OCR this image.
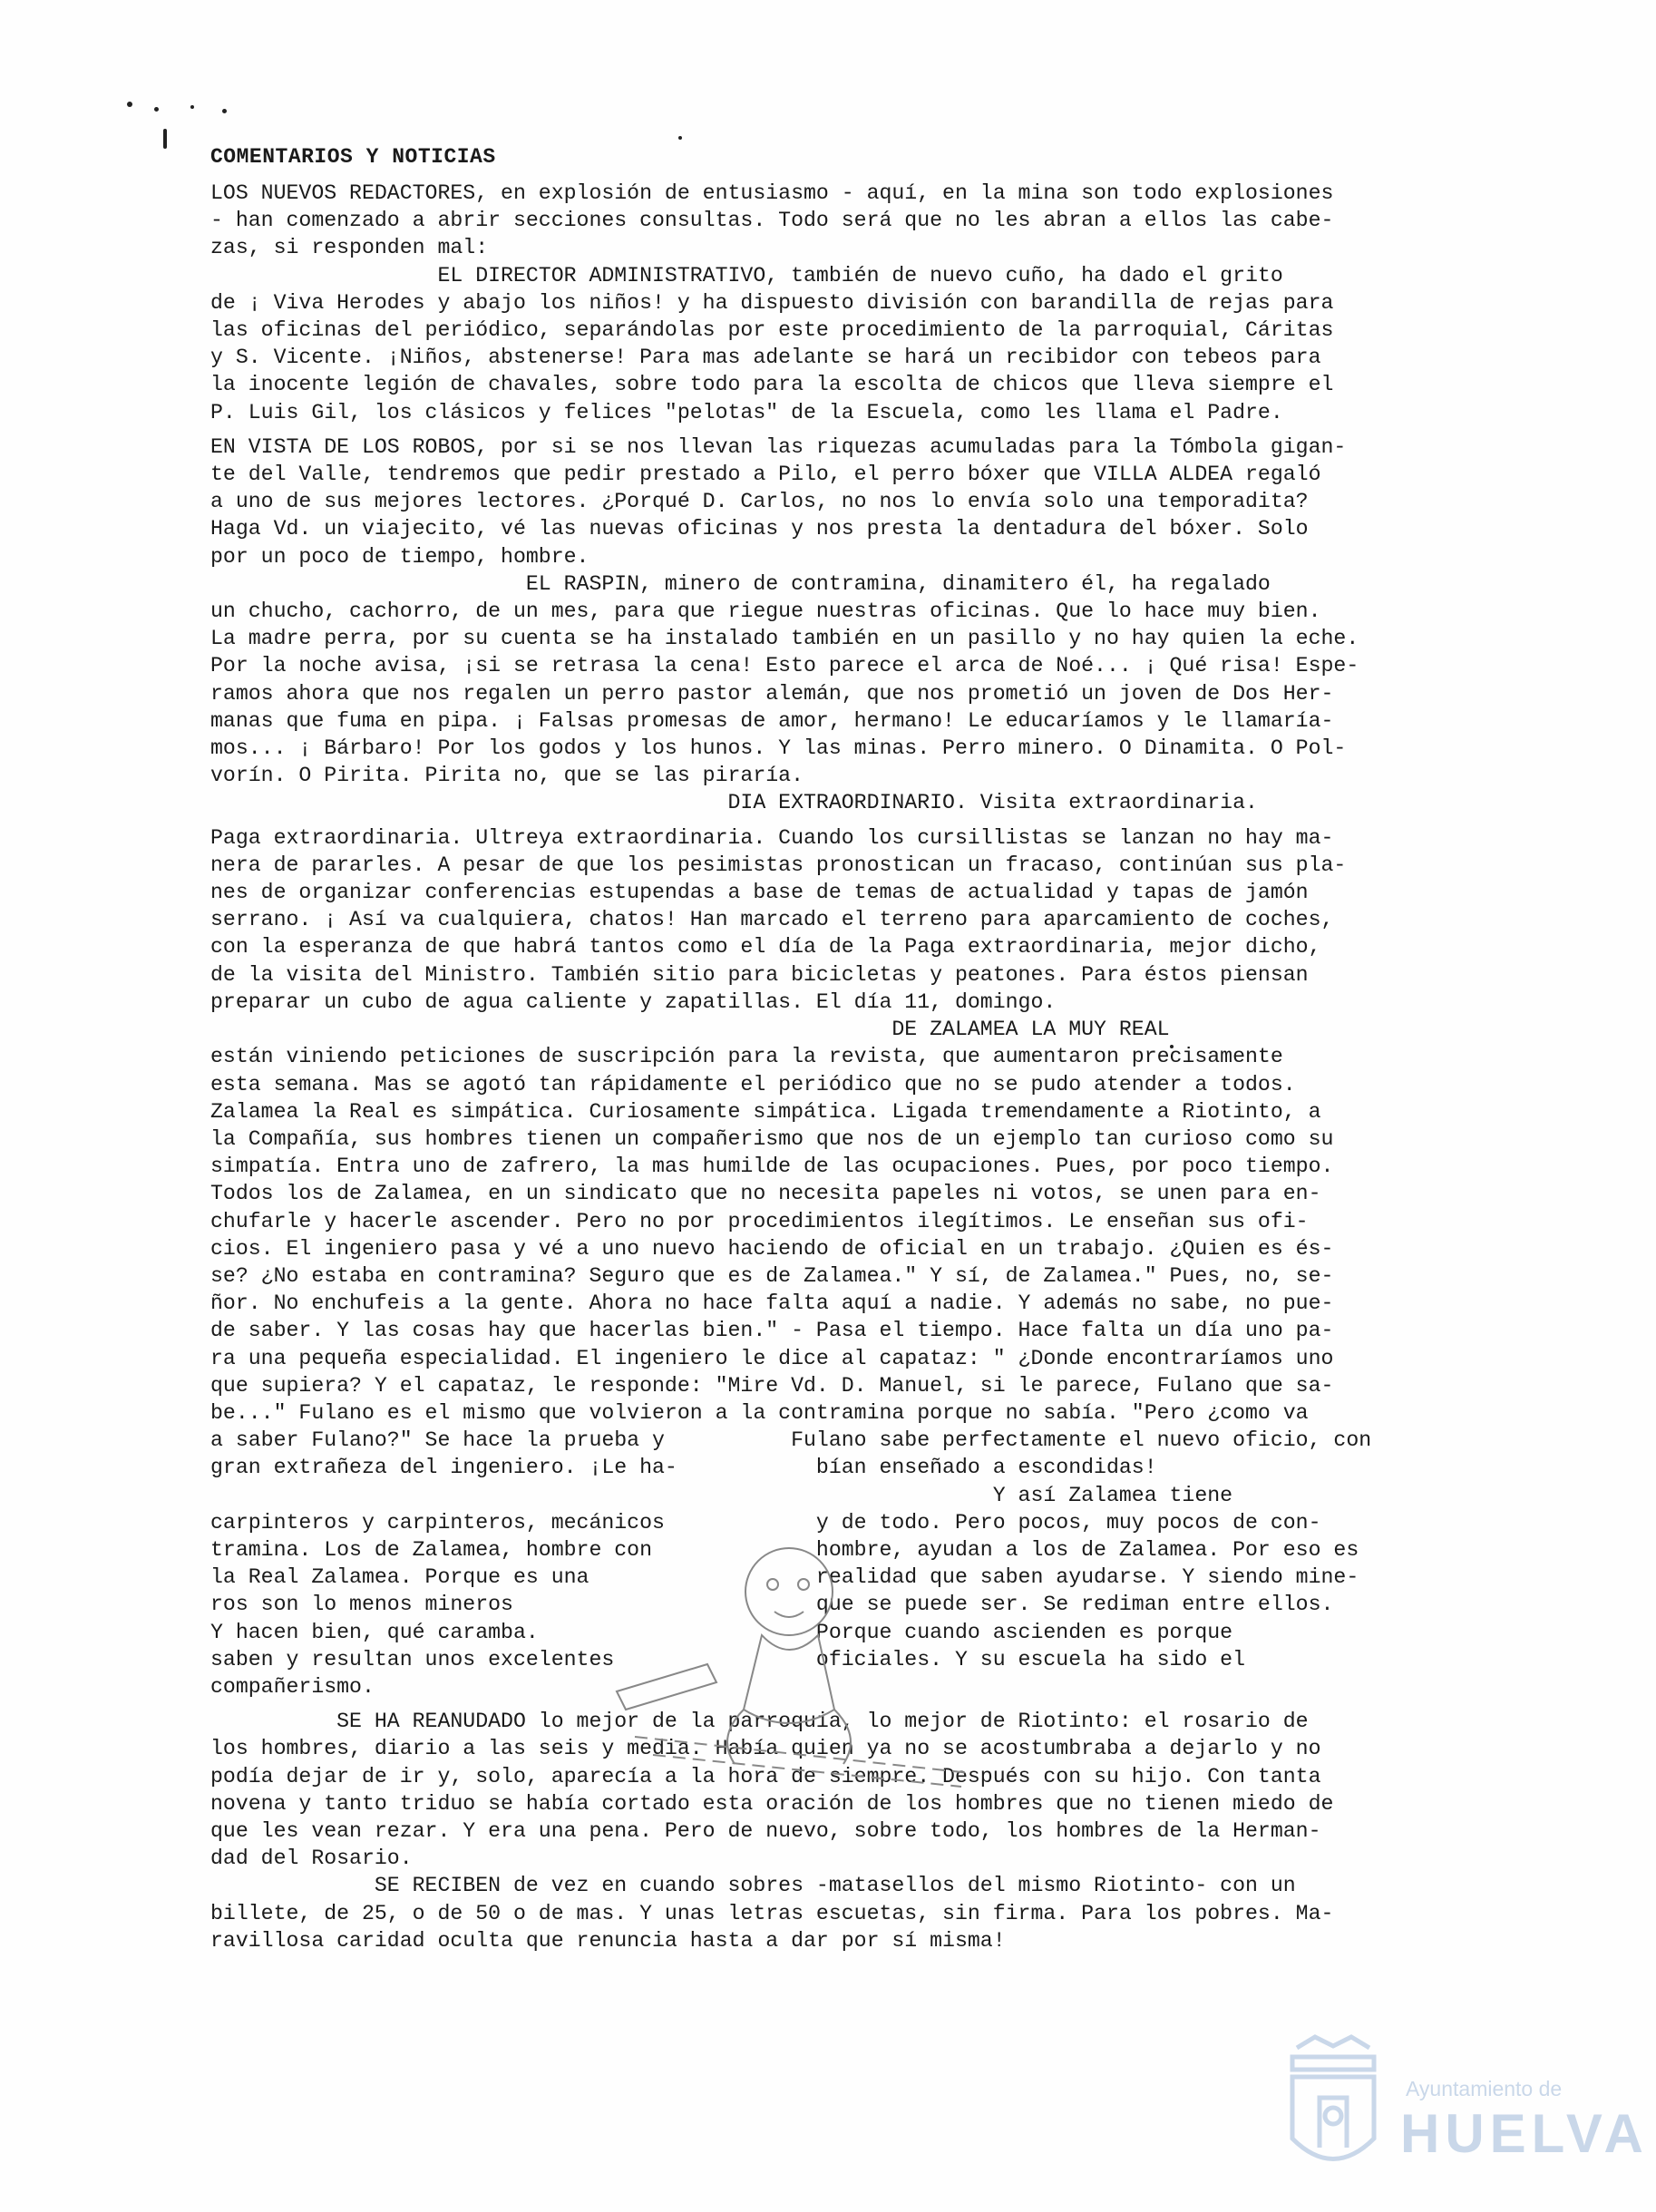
COMENTARIOS Y NOTICIAS
LOS NUEVOS REDACTORES, en explosión de entusiasmo - aquí, en la mina son todo explosiones
- han comenzado a abrir secciones consultas. Todo será que no les abran a ellos las cabe-
zas, si responden mal:
EL DIRECTOR ADMINISTRATIVO, también de nuevo cuño, ha dado el grito
de ¡ Viva Herodes y abajo los niños! y ha dispuesto división con barandilla de rejas para
las oficinas del periódico, separándolas por este procedimiento de la parroquial, Cáritas
y S. Vicente. ¡Niños, abstenerse! Para mas adelante se hará un recibidor con tebeos para
la inocente legión de chavales, sobre todo para la escolta de chicos que lleva siempre el
P. Luis Gil, los clásicos y felices "pelotas" de la Escuela, como les llama el Padre.
EN VISTA DE LOS ROBOS, por si se nos llevan las riquezas acumuladas para la Tómbola gigan-
te del Valle, tendremos que pedir prestado a Pilo, el perro bóxer que VILLA ALDEA regaló
a uno de sus mejores lectores. ¿Porqué D. Carlos, no nos lo envía solo una temporadita?
Haga Vd. un viajecito, vé las nuevas oficinas y nos presta la dentadura del bóxer. Solo
por un poco de tiempo, hombre.
EL RASPIN, minero de contramina, dinamitero él, ha regalado
un chucho, cachorro, de un mes, para que riegue nuestras oficinas. Que lo hace muy bien.
La madre perra, por su cuenta se ha instalado también en un pasillo y no hay quien la eche.
Por la noche avisa, ¡si se retrasa la cena! Esto parece el arca de Noé... ¡ Qué risa! Espe-
ramos ahora que nos regalen un perro pastor alemán, que nos prometió un joven de Dos Her-
manas que fuma en pipa. ¡ Falsas promesas de amor, hermano! Le educaríamos y le llamaría-
mos... ¡ Bárbaro! Por los godos y los hunos. Y las minas. Perro minero. O Dinamita. O Pol-
vorín. O Pirita. Pirita no, que se las piraría.
DIA EXTRAORDINARIO. Visita extraordinaria.
Paga extraordinaria. Ultreya extraordinaria. Cuando los cursillistas se lanzan no hay ma-
nera de pararles. A pesar de que los pesimistas pronostican un fracaso, continúan sus pla-
nes de organizar conferencias estupendas a base de temas de actualidad y tapas de jamón
serrano. ¡ Así va cualquiera, chatos! Han marcado el terreno para aparcamiento de coches,
con la esperanza de que habrá tantos como el día de la Paga extraordinaria, mejor dicho,
de la visita del Ministro. También sitio para bicicletas y peatones. Para éstos piensan
preparar un cubo de agua caliente y zapatillas. El día 11, domingo.
DE ZALAMEA LA MUY REAL
están viniendo peticiones de suscripción para la revista, que aumentaron precisamente
esta semana. Mas se agotó tan rápidamente el periódico que no se pudo atender a todos.
Zalamea la Real es simpática. Curiosamente simpática. Ligada tremendamente a Riotinto, a
la Compañía, sus hombres tienen un compañerismo que nos de un ejemplo tan curioso como su
simpatía. Entra uno de zafrero, la mas humilde de las ocupaciones. Pues, por poco tiempo.
Todos los de Zalamea, en un sindicato que no necesita papeles ni votos, se unen para en-
chufarle y hacerle ascender. Pero no por procedimientos ilegítimos. Le enseñan sus ofi-
cios. El ingeniero pasa y vé a uno nuevo haciendo de oficial en un trabajo. ¿Quien es és-
se? ¿No estaba en contramina? Seguro que es de Zalamea." Y sí, de Zalamea." Pues, no, se-
ñor. No enchufeis a la gente. Ahora no hace falta aquí a nadie. Y además no sabe, no pue-
de saber. Y las cosas hay que hacerlas bien." - Pasa el tiempo. Hace falta un día uno pa-
ra una pequeña especialidad. El ingeniero le dice al capataz: " ¿Donde encontraríamos uno
que supiera? Y el capataz, le responde: "Mire Vd. D. Manuel, si le parece, Fulano que sa-
be..." Fulano es el mismo que volvieron a la contramina porque no sabía. "Pero ¿como va
a saber Fulano?" Se hace la prueba y          Fulano sabe perfectamente el nuevo oficio, con
gran extrañeza del ingeniero. ¡Le ha-           bían enseñado a escondidas!
Y así Zalamea tiene
carpinteros y carpinteros, mecánicos            y de todo. Pero pocos, muy pocos de con-
tramina. Los de Zalamea, hombre con             hombre, ayudan a los de Zalamea. Por eso es
la Real Zalamea. Porque es una                  realidad que saben ayudarse. Y siendo mine-
ros son lo menos mineros                        que se puede ser. Se rediman entre ellos.
Y hacen bien, qué caramba.                      Porque cuando ascienden es porque
saben y resultan unos excelentes                oficiales. Y su escuela ha sido el
compañerismo.
SE HA REANUDADO lo mejor de la parroquia, lo mejor de Riotinto: el rosario de
los hombres, diario a las seis y media. Había quien ya no se acostumbraba a dejarlo y no
podía dejar de ir y, solo, aparecía a la hora de siempre. Después con su hijo. Con tanta
novena y tanto triduo se había cortado esta oración de los hombres que no tienen miedo de
que les vean rezar. Y era una pena. Pero de nuevo, sobre todo, los hombres de la Herman-
dad del Rosario.
SE RECIBEN de vez en cuando sobres -matasellos del mismo Riotinto- con un
billete, de 25, o de 50 o de mas. Y unas letras escuetas, sin firma. Para los pobres. Ma-
ravillosa caridad oculta que renuncia hasta a dar por sí misma!
Ayuntamiento de
HUELVA
